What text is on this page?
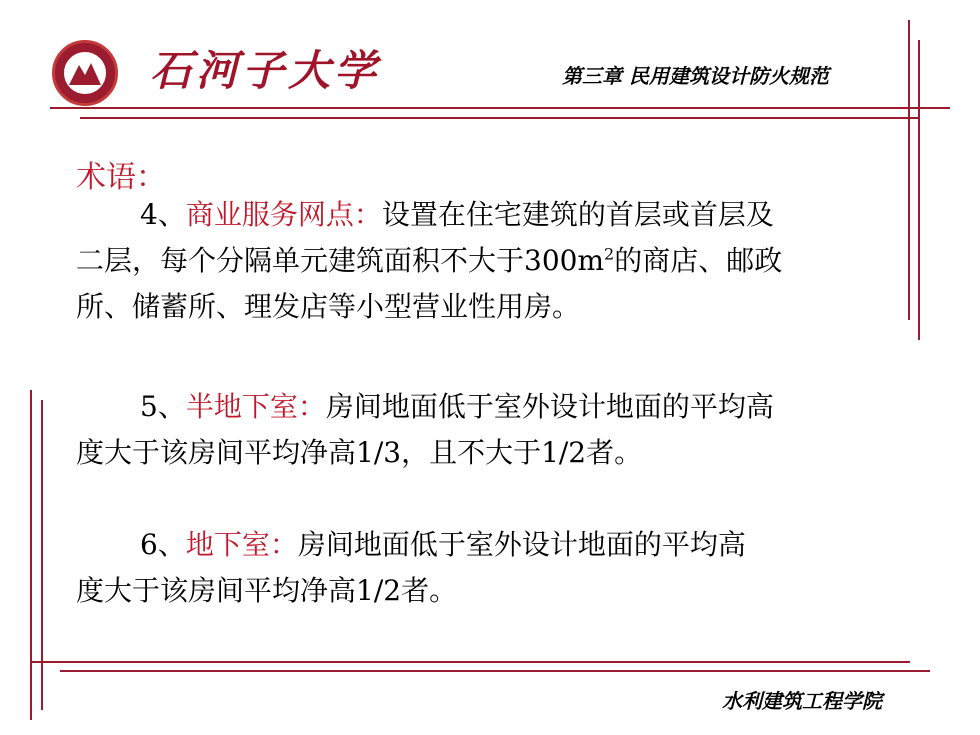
石河子大学	第三章 民用建筑设计防火规范
术语：
4、商业服务网点：设置在住宅建筑的首层或首层及
二层，每个分隔单元建筑面积不大于$300m^2$的商店、邮政
所、储蓄所、理发店等小型营业性用房。
5、半地下室：房间地面低于室外设计地面的平均高
度大于该房间平均净高1/3，且不大于1/2者。
6、地下室：房间地面低于室外设计地面的平均高
度大于该房间平均净高1/2者。
水利建筑工程学院
